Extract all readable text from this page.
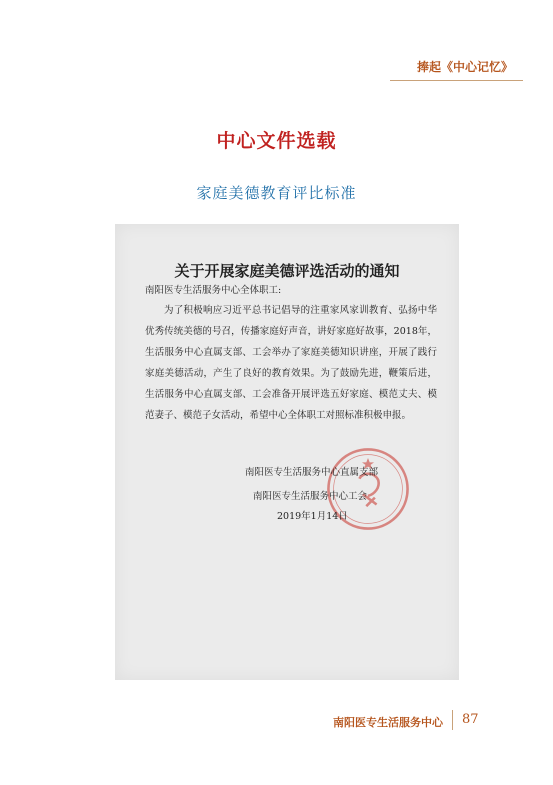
捧起《中心记忆》
中心文件选载
家庭美德教育评比标准
关于开展家庭美德评选活动的通知
南阳医专生活服务中心全体职工:

为了积极响应习近平总书记倡导的注重家风家训教育、弘扬中华优秀传统美德的号召，传播家庭好声音，讲好家庭好故事，2018年，生活服务中心直属支部、工会举办了家庭美德知识讲座，开展了践行家庭美德活动，产生了良好的教育效果。为了鼓励先进，鞭策后进，生活服务中心直属支部、工会准备开展评选五好家庭、模范丈夫、模范妻子、模范子女活动，希望中心全体职工对照标准积极申报。

南阳医专生活服务中心直属支部
南阳医专生活服务中心工会
2019年1月14日
南阳医专生活服务中心 87
